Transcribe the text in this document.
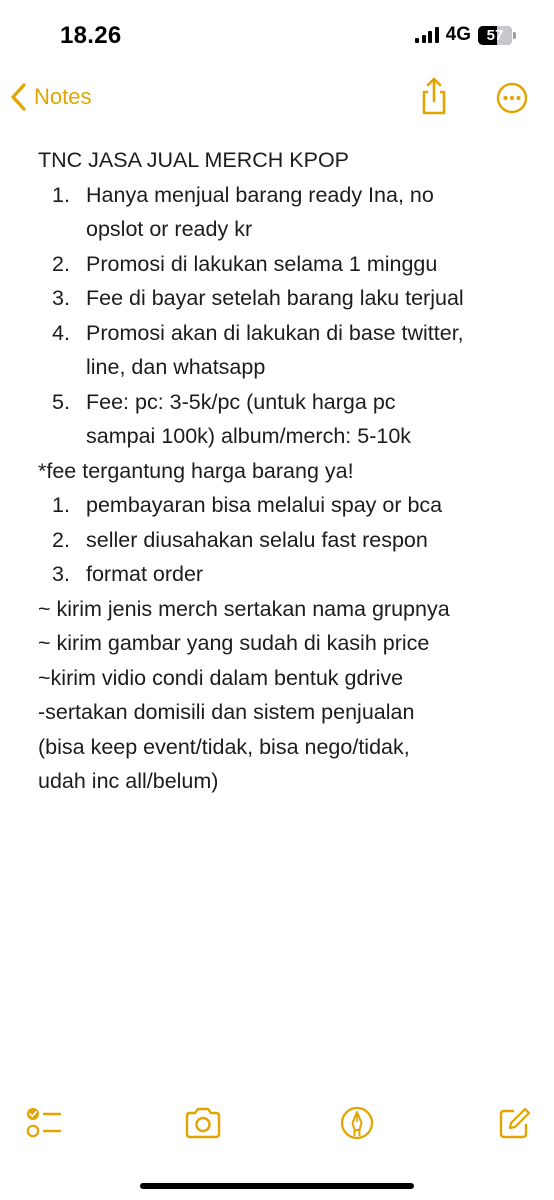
18.26	4G	57
Notes

TNC JASA JUAL MERCH KPOP

1. Hanya menjual barang ready Ina, no
opslot or ready kr
2. Promosi di lakukan selama 1 minggu
3. Fee di bayar setelah barang laku terjual
4. Promosi akan di lakukan di base twitter,
line, dan whatsapp
5. Fee: pc: 3-5k/pc (untuk harga pc
sampai 100k) album/merch: 5-10k

*fee tergantung harga barang ya!

1. pembayaran bisa melalui spay or bca
2. seller diusahakan selalu fast respon
3. format order

~ kirim jenis merch sertakan nama grupnya

~ kirim gambar yang sudah di kasih price

~kirim vidio condi dalam bentuk gdrive

-sertakan domisili dan sistem penjualan

(bisa keep event/tidak, bisa nego/tidak,

udah inc all/belum)
